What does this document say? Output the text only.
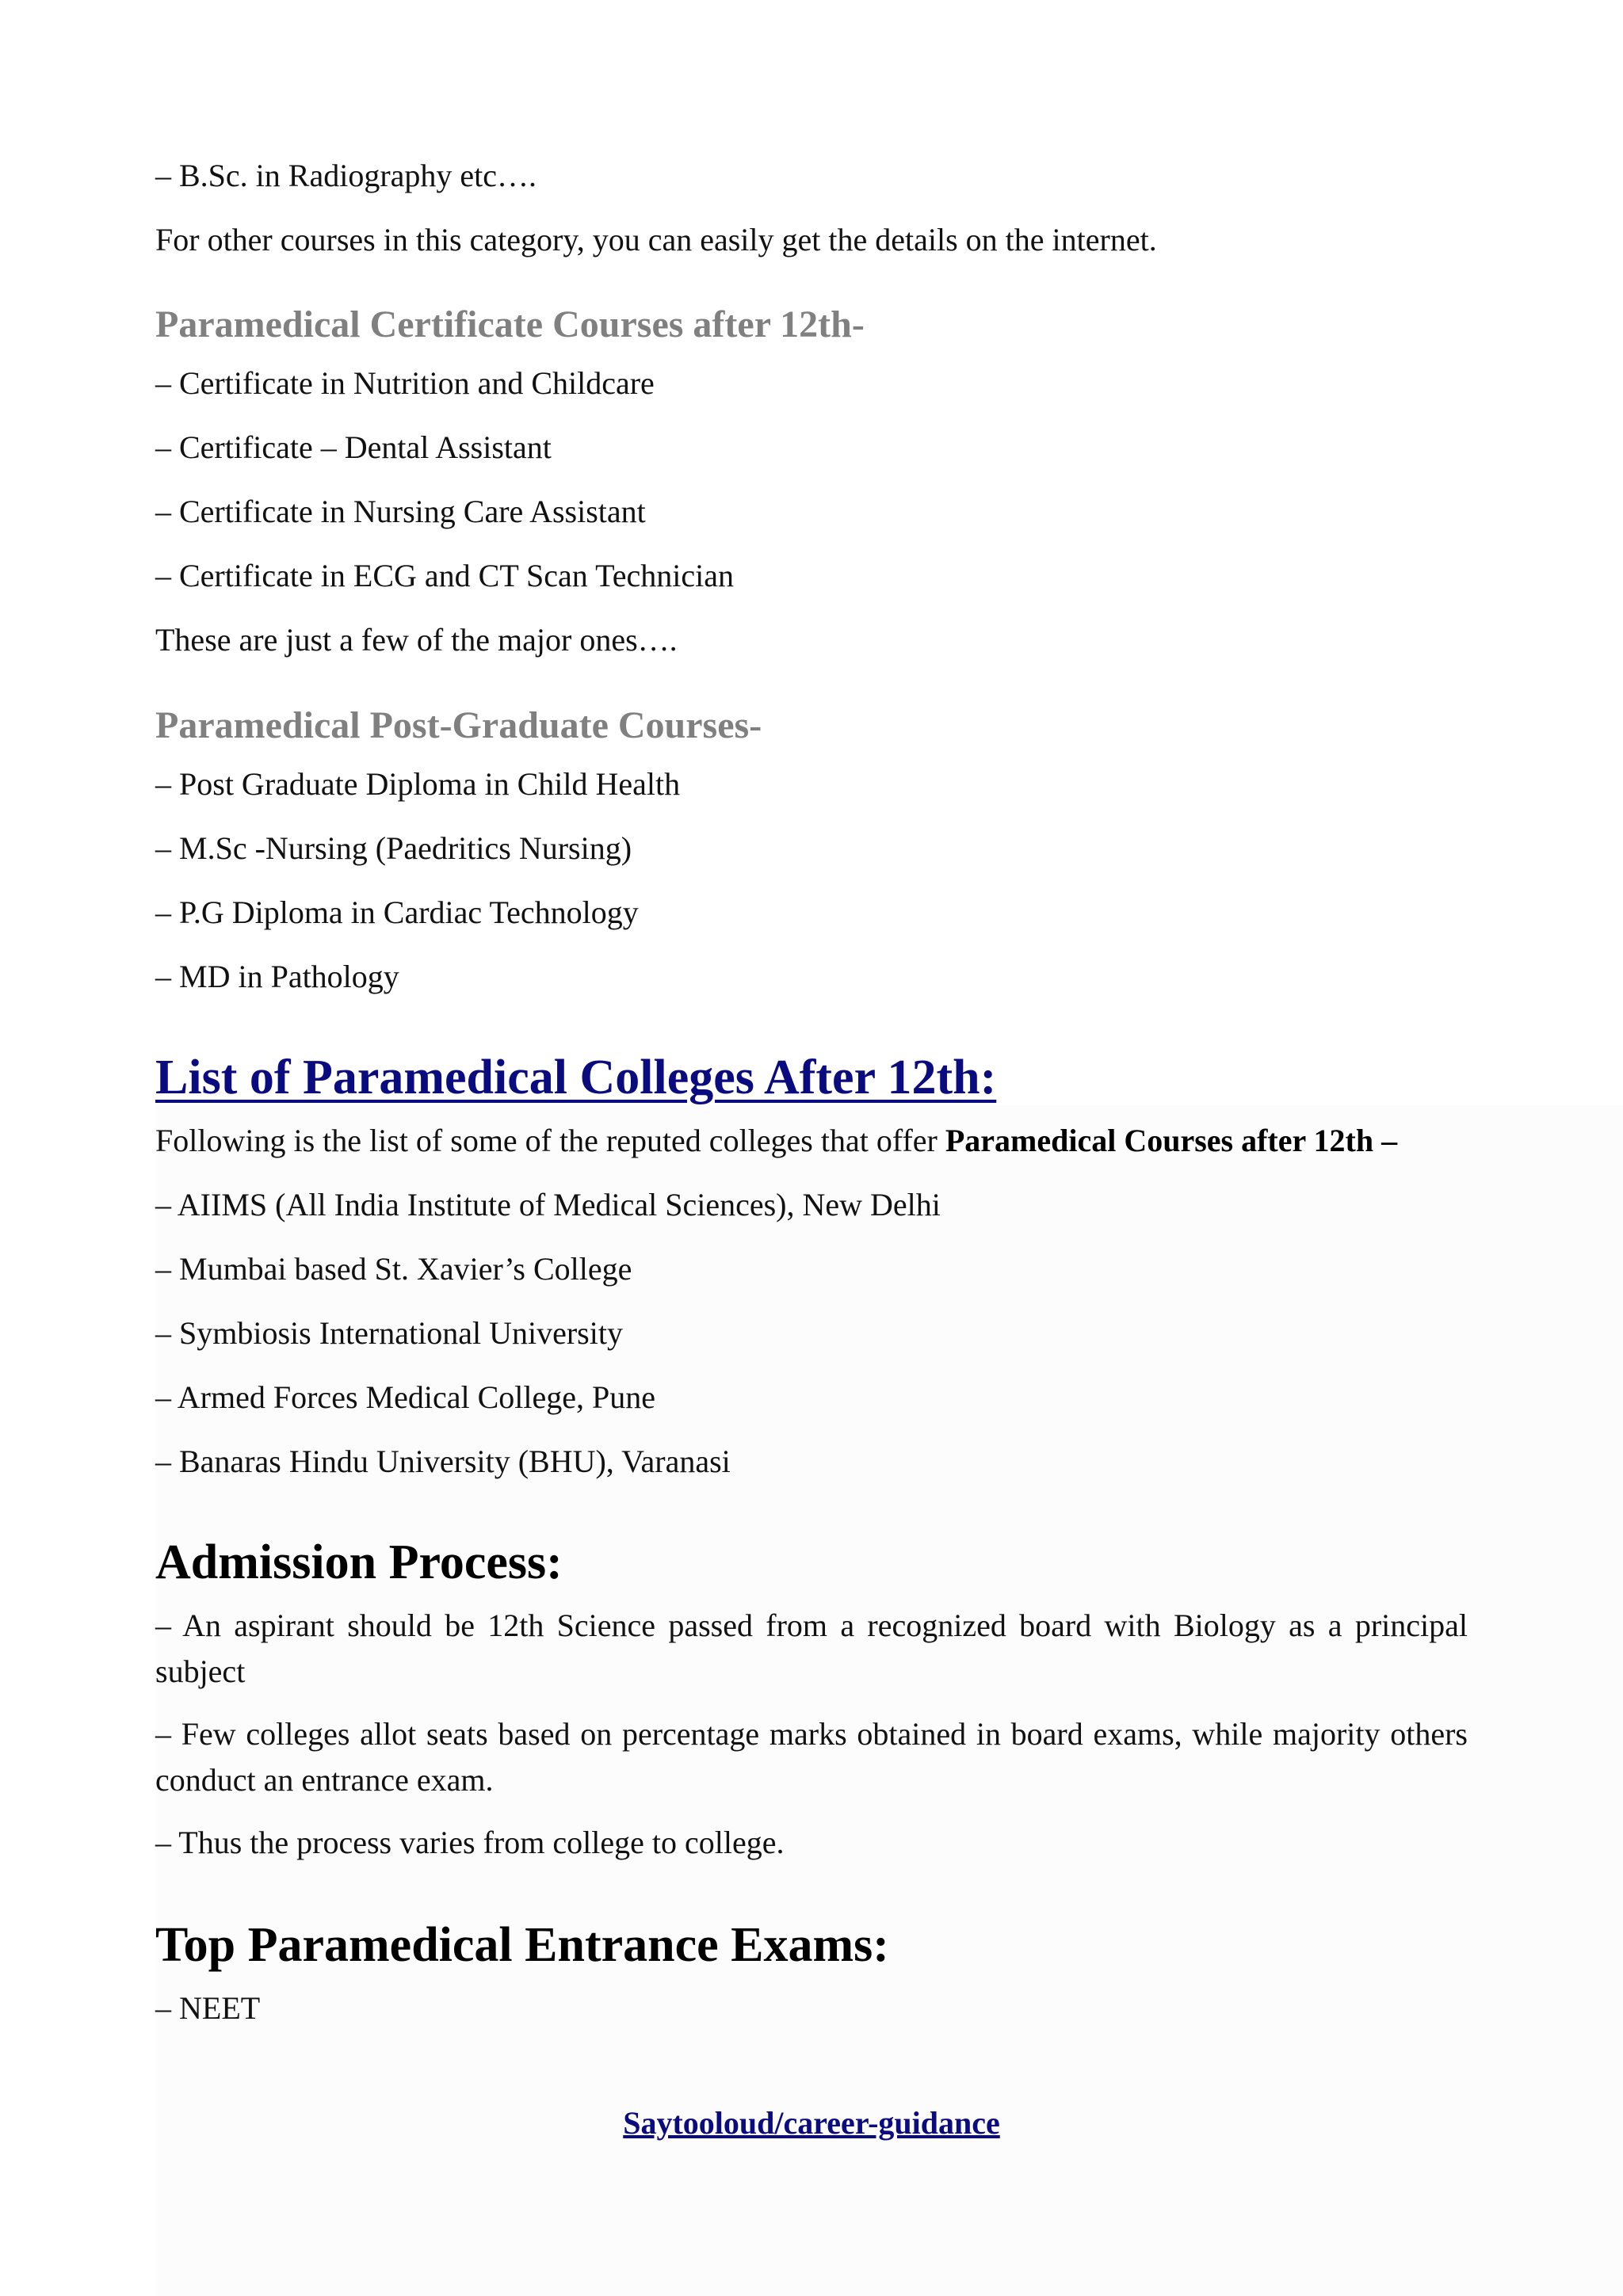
– B.Sc. in Radiography etc….

For other courses in this category, you can easily get the details on the internet.

Paramedical Certificate Courses after 12th-

– Certificate in Nutrition and Childcare

– Certificate – Dental Assistant

– Certificate in Nursing Care Assistant

– Certificate in ECG and CT Scan Technician

These are just a few of the major ones….

Paramedical Post-Graduate Courses-

– Post Graduate Diploma in Child Health

– M.Sc -Nursing (Paedritics Nursing)

– P.G Diploma in Cardiac Technology

– MD in Pathology

List of Paramedical Colleges After 12th:

Following is the list of some of the reputed colleges that offer Paramedical Courses after 12th –

– AIIMS (All India Institute of Medical Sciences), New Delhi

– Mumbai based St. Xavier’s College

– Symbiosis International University

– Armed Forces Medical College, Pune

– Banaras Hindu University (BHU), Varanasi

Admission Process:

– An aspirant should be 12th Science passed from a recognized board with Biology as a principal subject

– Few colleges allot seats based on percentage marks obtained in board exams, while majority others conduct an entrance exam.

– Thus the process varies from college to college.

Top Paramedical Entrance Exams:

– NEET

Saytooloud/career-guidance
